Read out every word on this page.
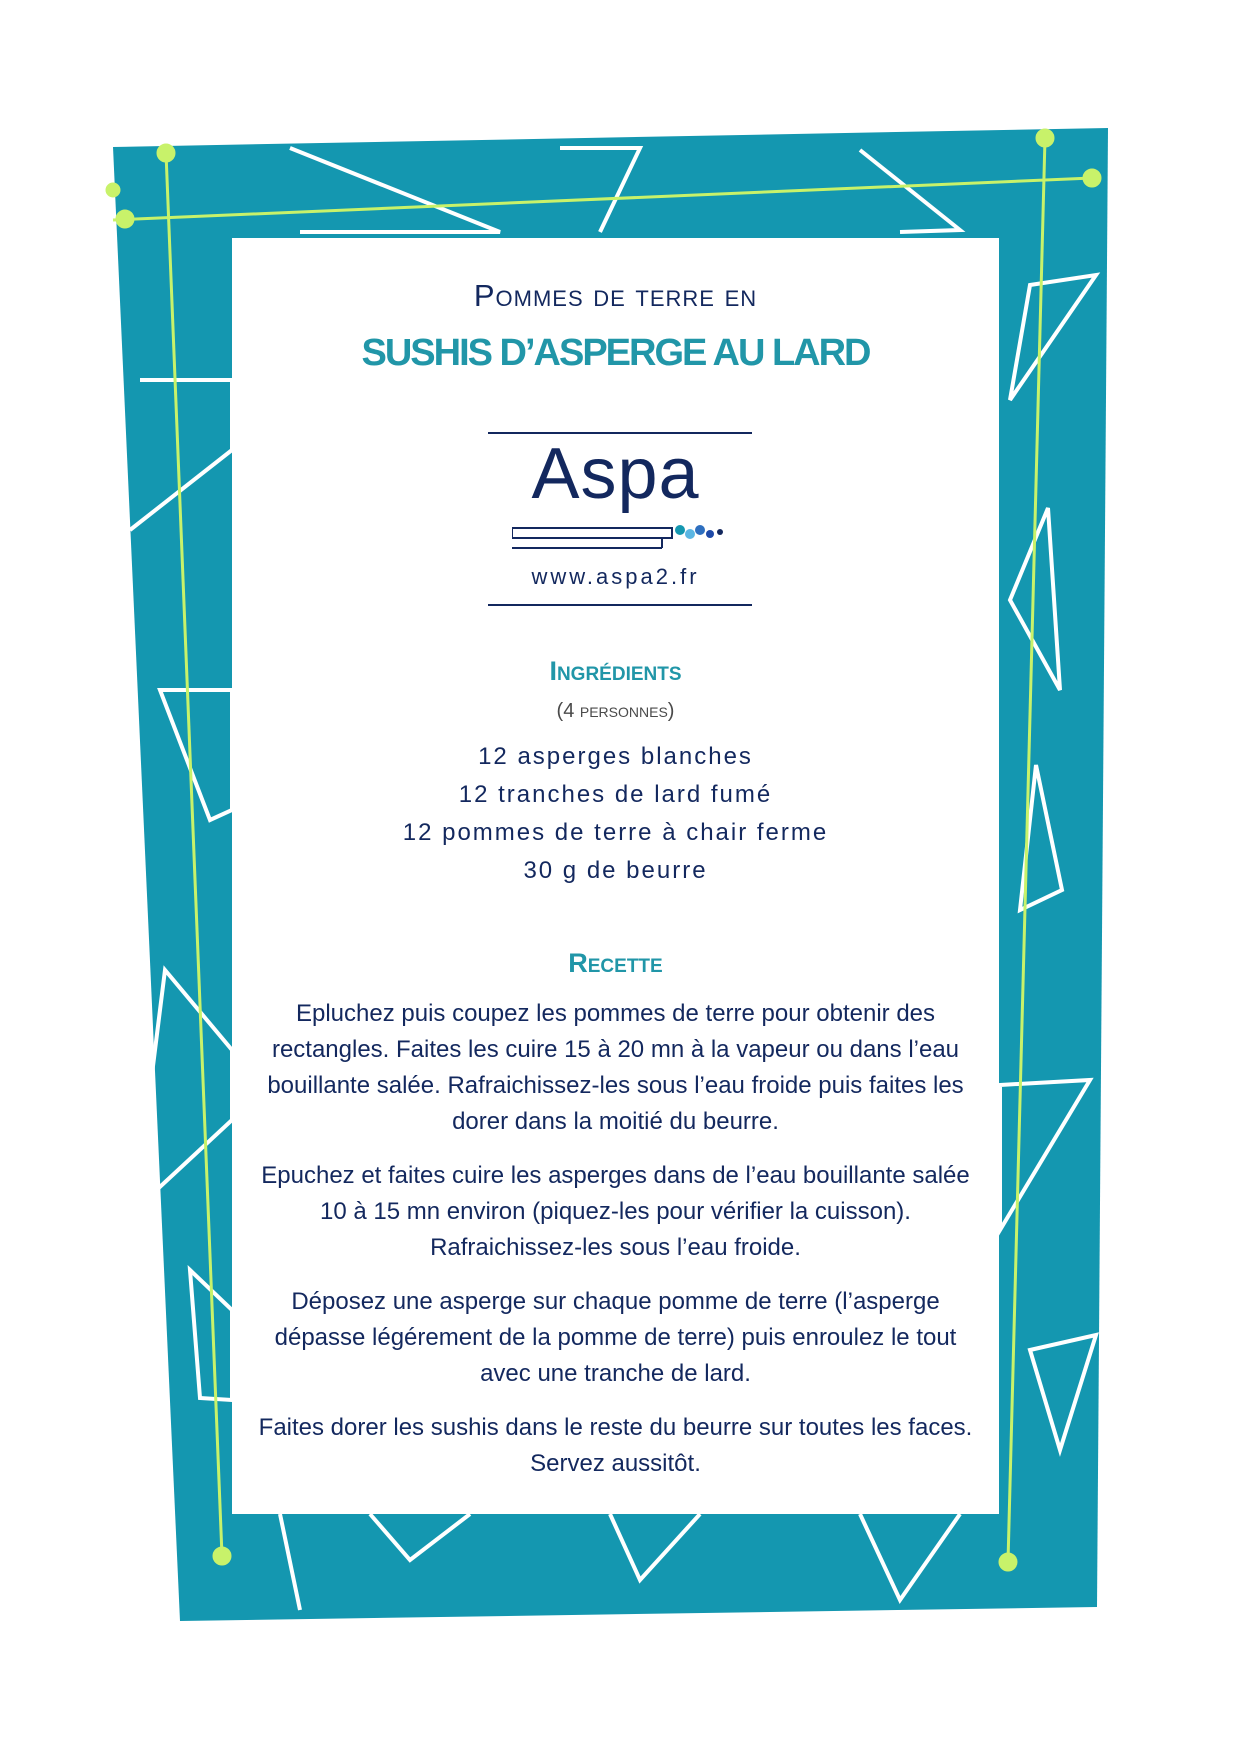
Pommes de terre en
SUSHIS D’ASPERGE AU LARD
Aspa
www.aspa2.fr
Ingrédients
(4 personnes)
12 asperges blanches
12 tranches de lard fumé
12 pommes de terre à chair ferme
30 g de beurre
Recette

Epluchez puis coupez les pommes de terre pour obtenir des rectangles. Faites les cuire 15 à 20 mn à la vapeur ou dans l’eau bouillante salée. Rafraichissez-les sous l’eau froide puis faites les dorer dans la moitié du beurre.

Epuchez et faites cuire les asperges dans de l’eau bouillante salée 10 à 15 mn environ (piquez-les pour vérifier la cuisson). Rafraichissez-les sous l’eau froide.

Déposez une asperge sur chaque pomme de terre (l’asperge dépasse légérement de la pomme de terre) puis enroulez le tout avec une tranche de lard.

Faites dorer les sushis dans le reste du beurre sur toutes les faces. Servez aussitôt.
